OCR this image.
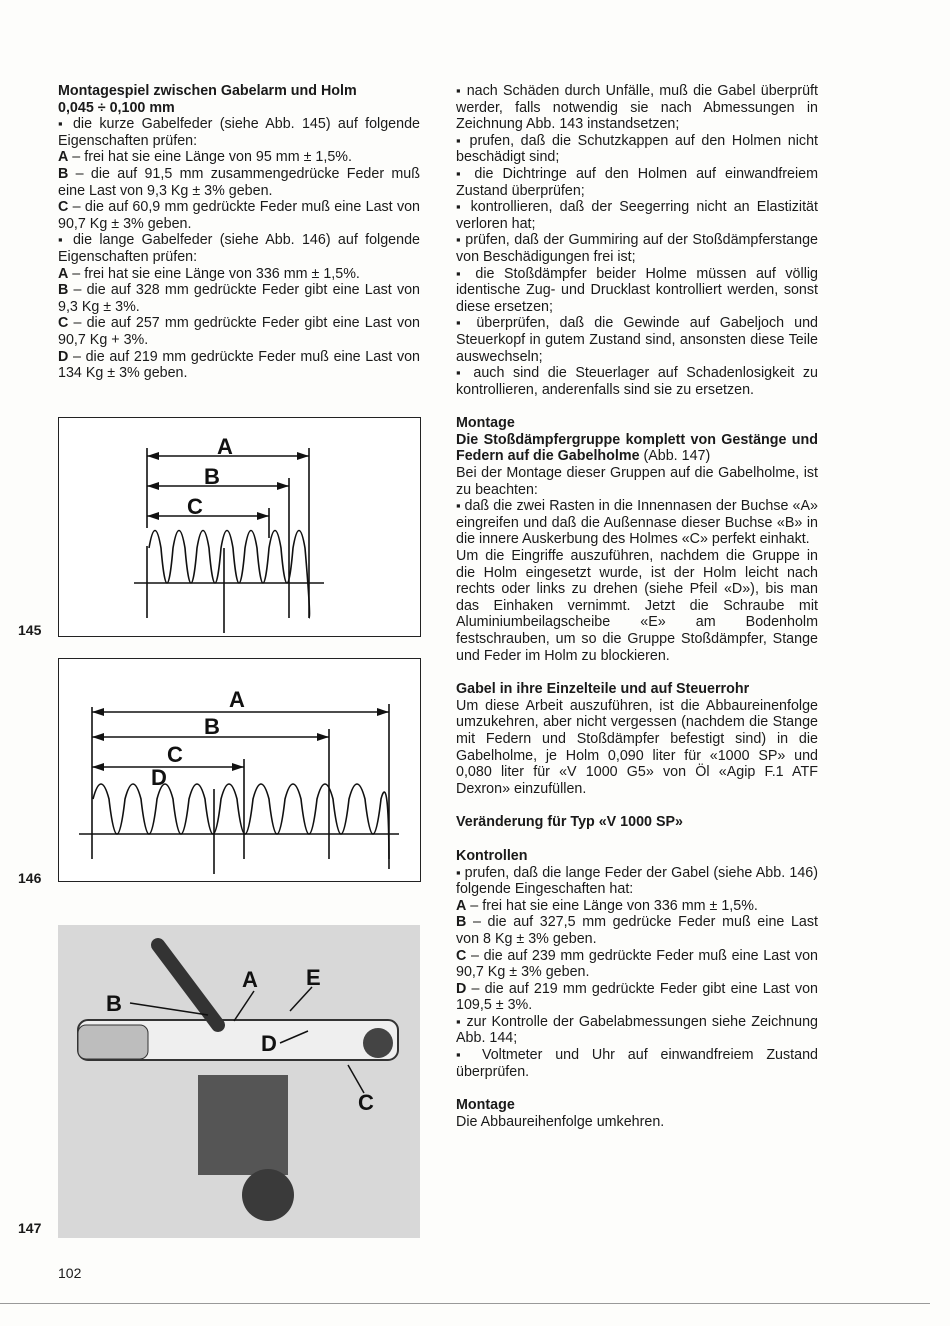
Montagespiel zwischen Gabelarm und Holm

0,045 ÷ 0,100 mm

▪ die kurze Gabelfeder (siehe Abb. 145) auf folgende Eigenschaften prüfen:

A – frei hat sie eine Länge von 95 mm ± 1,5%.

B – die auf 91,5 mm zusammengedrücke Feder muß eine Last von 9,3 Kg ± 3% geben.

C – die auf 60,9 mm gedrückte Feder muß eine Last von 90,7 Kg ± 3% geben.

▪ die lange Gabelfeder (siehe Abb. 146) auf folgende Eigenschaften prüfen:

A – frei hat sie eine Länge von 336 mm ± 1,5%.

B – die auf 328 mm gedrückte Feder gibt eine Last von 9,3 Kg ± 3%.

C – die auf 257 mm gedrückte Feder gibt eine Last von 90,7 Kg + 3%.

D – die auf 219 mm gedrückte Feder muß eine Last von 134 Kg ± 3% geben.

A
B
C
145
A
B
C
D
146
A
B
C
D
E
147

▪ nach Schäden durch Unfälle, muß die Gabel überprüft werder, falls notwendig sie nach Abmessungen in Zeichnung Abb. 143 instandsetzen;

▪ prufen, daß die Schutzkappen auf den Holmen nicht beschädigt sind;

▪ die Dichtringe auf den Holmen auf einwandfreiem Zustand überprüfen;

▪ kontrollieren, daß der Seegerring nicht an Elastizität verloren hat;

▪ prüfen, daß der Gummiring auf der Stoßdämpferstange von Beschädigungen frei ist;

▪ die Stoßdämpfer beider Holme müssen auf völlig identische Zug- und Drucklast kontrolliert werden, sonst diese ersetzen;

▪ überprüfen, daß die Gewinde auf Gabeljoch und Steuerkopf in gutem Zustand sind, ansonsten diese Teile auswechseln;

▪ auch sind die Steuerlager auf Schadenlosigkeit zu kontrollieren, anderenfalls sind sie zu ersetzen.

Montage

Die Stoßdämpfergruppe komplett von Gestänge und Federn auf die Gabelholme (Abb. 147)

Bei der Montage dieser Gruppen auf die Gabelholme, ist zu beachten:

▪ daß die zwei Rasten in die Innennasen der Buchse «A» eingreifen und daß die Außennase dieser Buchse «B» in die innere Auskerbung des Holmes «C» perfekt einhakt.

Um die Eingriffe auszuführen, nachdem die Gruppe in die Holm eingesetzt wurde, ist der Holm leicht nach rechts oder links zu drehen (siehe Pfeil «D»), bis man das Einhaken vernimmt. Jetzt die Schraube mit Aluminiumbeilagscheibe «E» am Bodenholm festschrauben, um so die Gruppe Stoßdämpfer, Stange und Feder im Holm zu blockieren.

Gabel in ihre Einzelteile und auf Steuerrohr

Um diese Arbeit auszuführen, ist die Abbaureinenfolge umzukehren, aber nicht vergessen (nachdem die Stange mit Federn und Stoßdämpfer befestigt sind) in die Gabelholme, je Holm 0,090 liter für «1000 SP» und 0,080 liter für «V 1000 G5» von Öl «Agip F.1 ATF Dexron» einzufüllen.

Veränderung für Typ «V 1000 SP»

Kontrollen

▪ prufen, daß die lange Feder der Gabel (siehe Abb. 146) folgende Eingeschaften hat:

A – frei hat sie eine Länge von 336 mm ± 1,5%.

B – die auf 327,5 mm gedrücke Feder muß eine Last von 8 Kg ± 3% geben.

C – die auf 239 mm gedrückte Feder muß eine Last von 90,7 Kg ± 3% geben.

D – die auf 219 mm gedrückte Feder gibt eine Last von 109,5 ± 3%.

▪ zur Kontrolle der Gabelabmessungen siehe Zeichnung Abb. 144;

▪ Voltmeter und Uhr auf einwandfreiem Zustand überprüfen.

Montage

Die Abbaureihenfolge umkehren.

102
